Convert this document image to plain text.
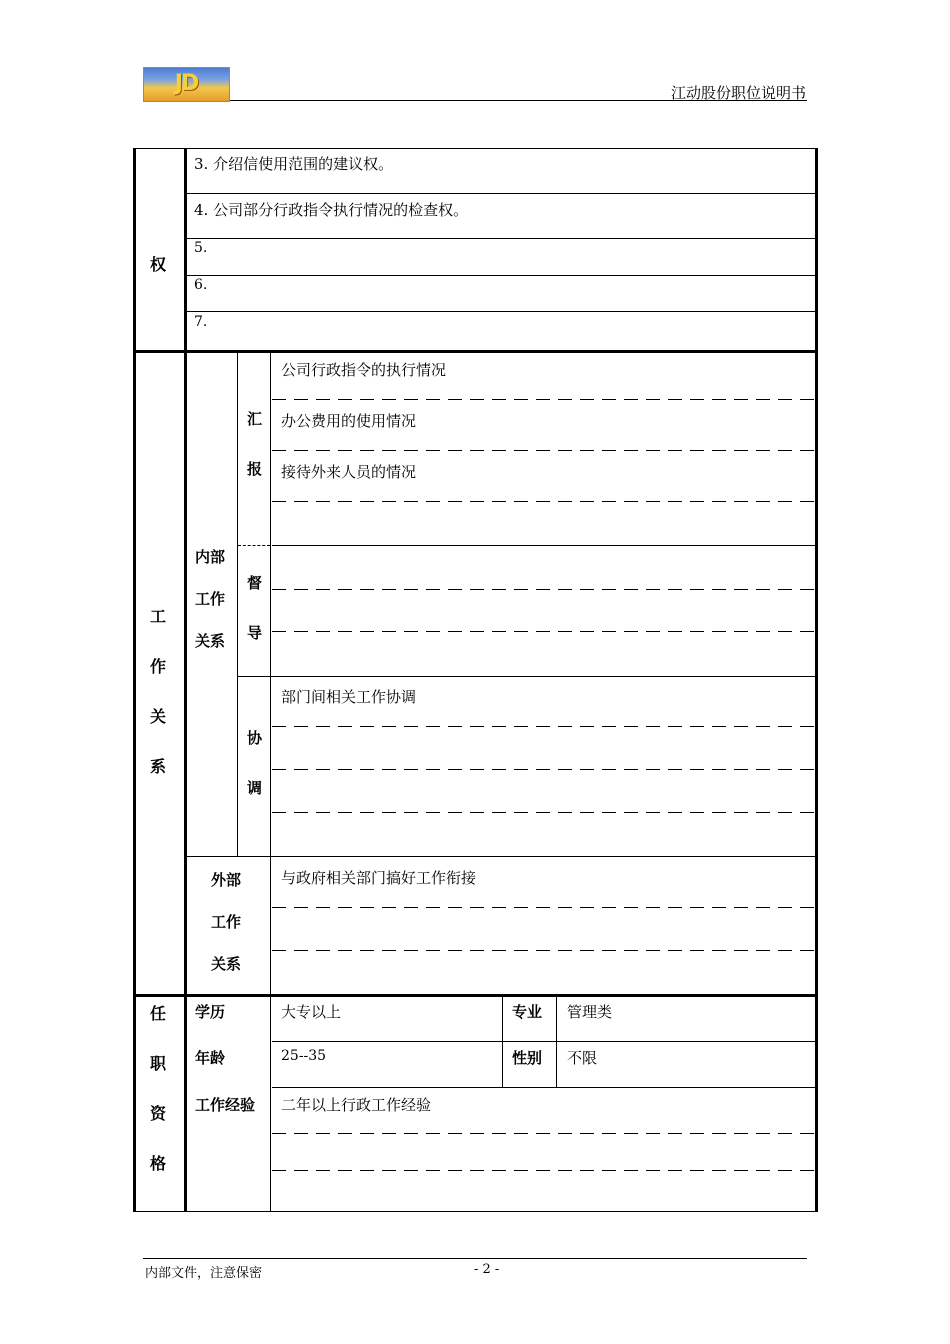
JD	江动股份职位说明书
权
3. 介绍信使用范围的建议权。
4. 公司部分行政指令执行情况的检查权。
5.
6.
7.
工
作
关
系
内部
工作
关系
汇
报
公司行政指令的执行情况
办公费用的使用情况
接待外来人员的情况
督
导
协
调
部门间相关工作协调
外部
工作
关系
与政府相关部门搞好工作衔接
任
职
资
格
学历	大专以上	专业 管理类
年龄	25--35	性别 不限
工作经验 二年以上行政工作经验
内部文件，注意保密	- 2 -
